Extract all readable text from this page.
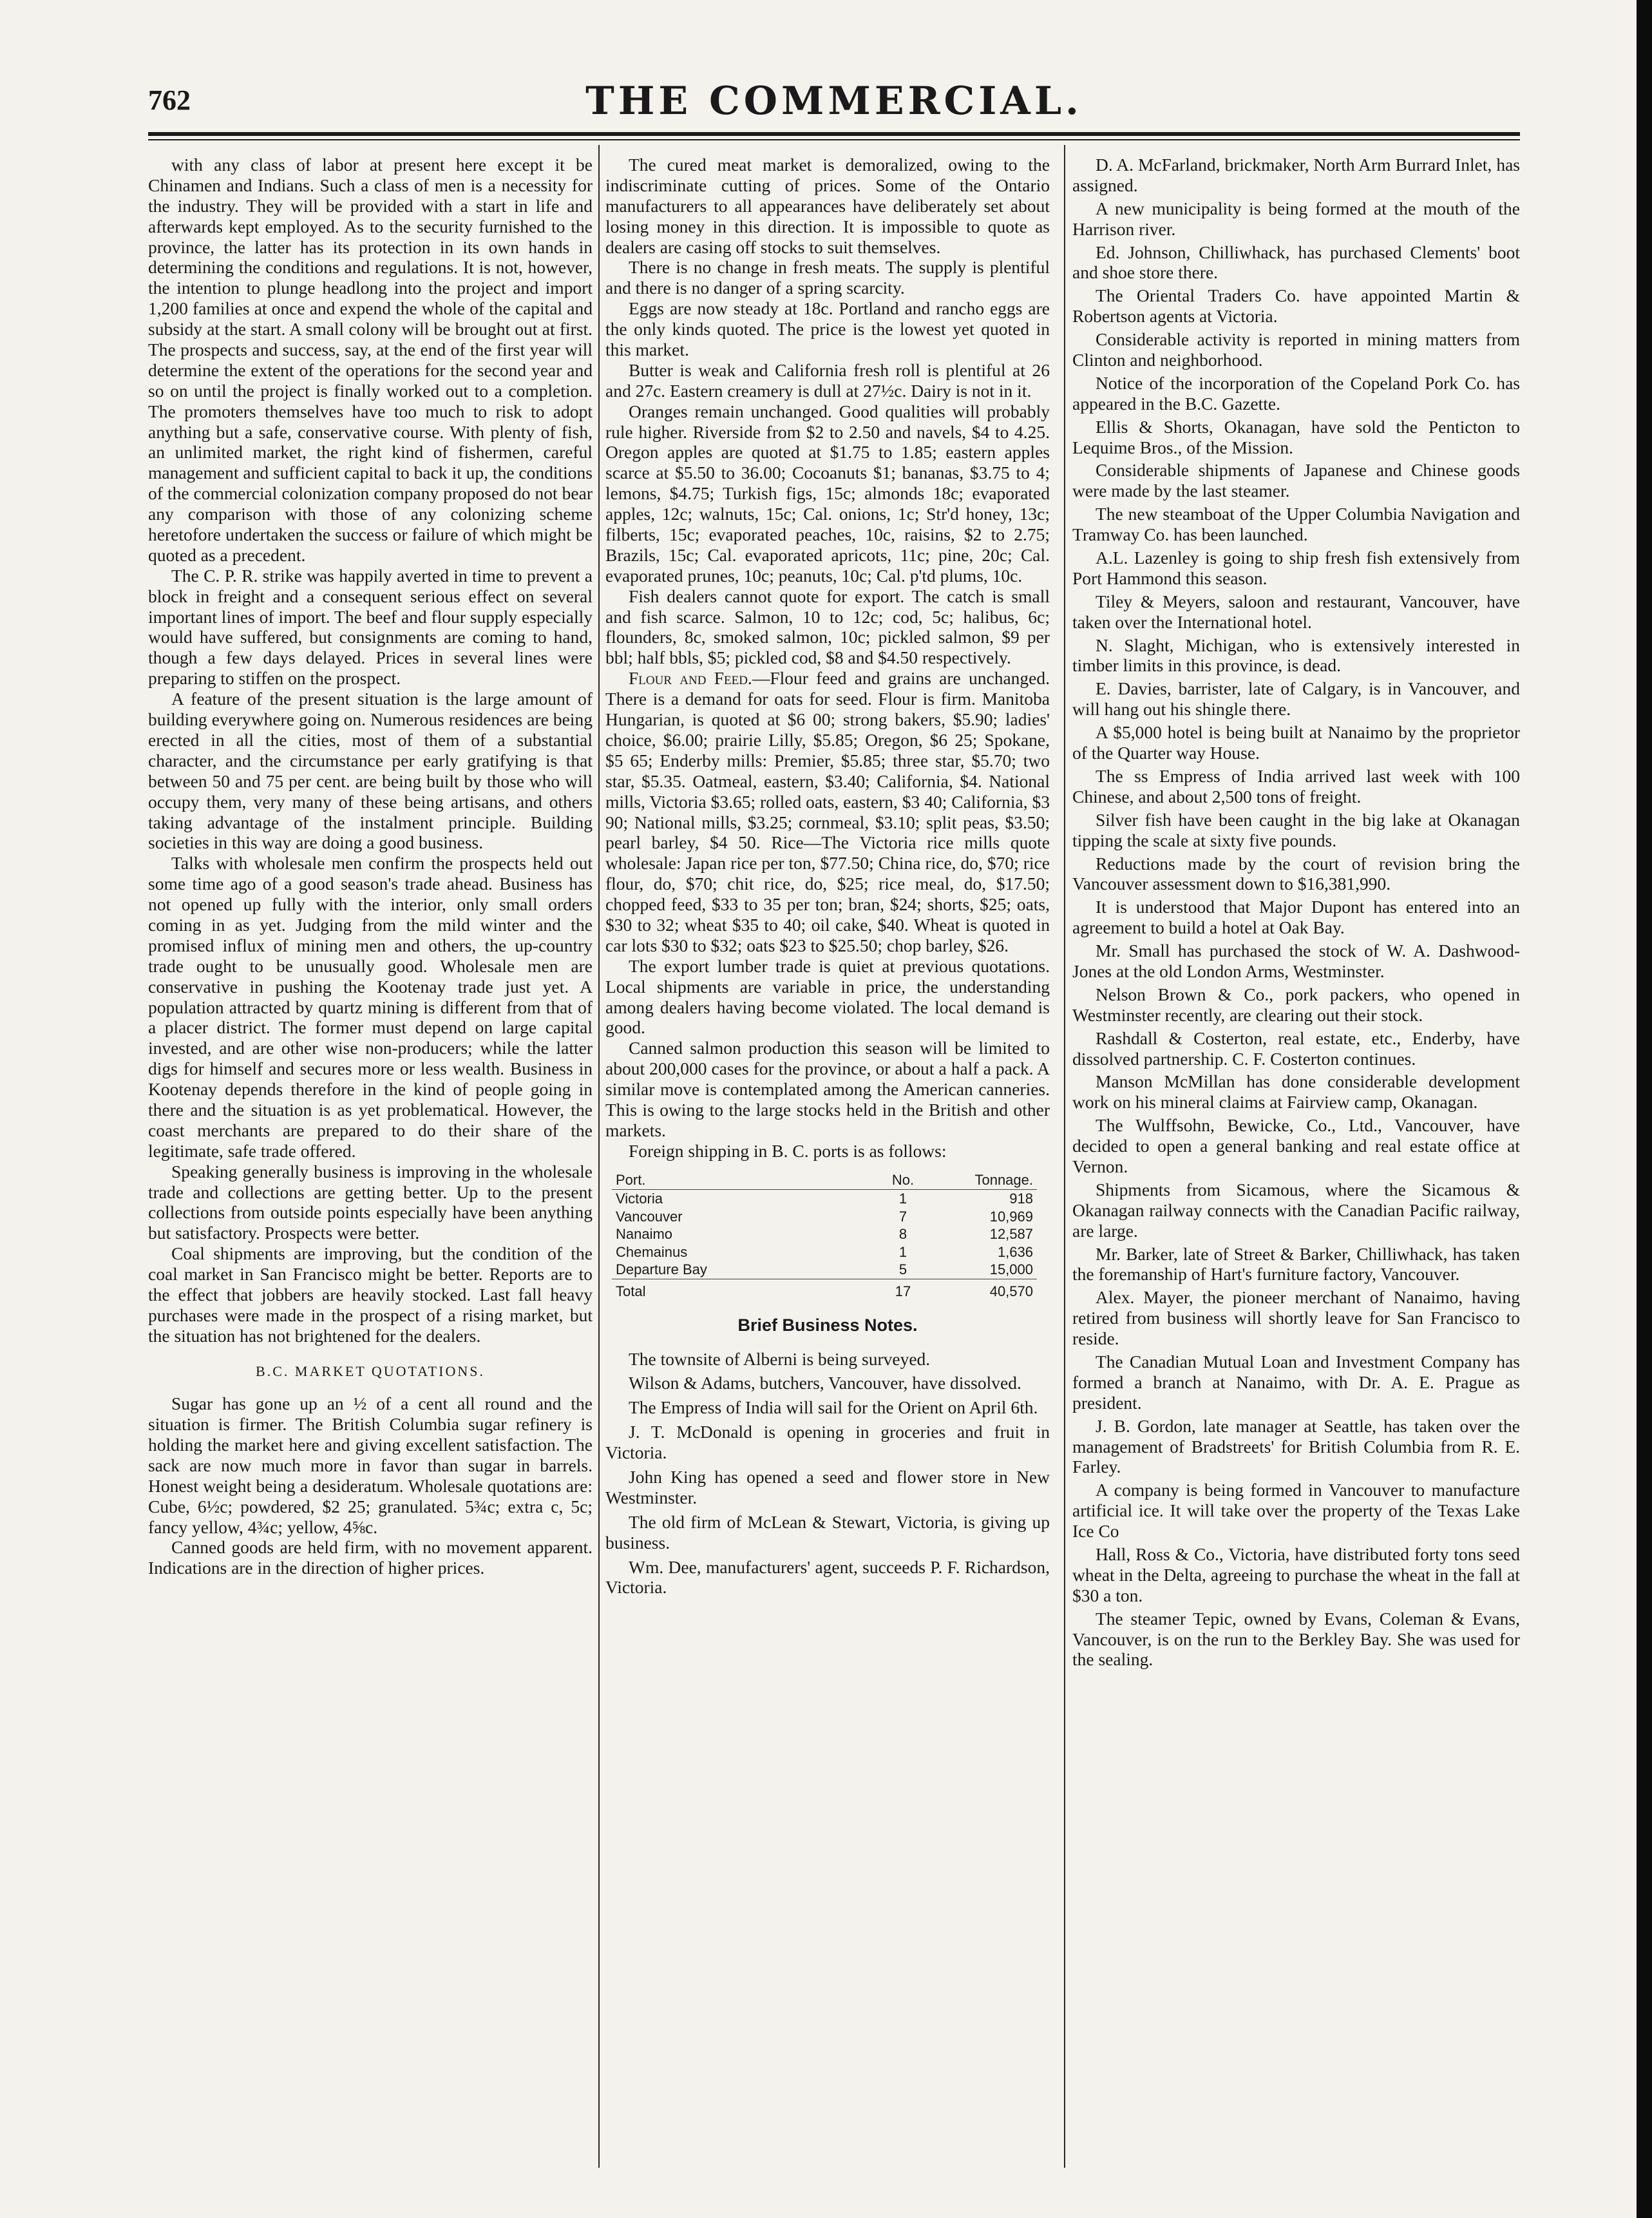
762	THE COMMERCIAL.

with any class of labor at present here except it be Chinamen and Indians. Such a class of men is a necessity for the industry. They will be provided with a start in life and afterwards kept employed. As to the security furnished to the province, the latter has its protection in its own hands in determining the conditions and regulations. It is not, however, the intention to plunge headlong into the project and import 1,200 families at once and expend the whole of the capital and subsidy at the start. A small colony will be brought out at first. The prospects and success, say, at the end of the first year will determine the extent of the operations for the second year and so on until the project is finally worked out to a completion. The promoters themselves have too much to risk to adopt anything but a safe, conservative course. With plenty of fish, an unlimited market, the right kind of fishermen, careful management and sufficient capital to back it up, the conditions of the commercial colonization company proposed do not bear any comparison with those of any colonizing scheme heretofore undertaken the success or failure of which might be quoted as a precedent.

The C. P. R. strike was happily averted in time to prevent a block in freight and a consequent serious effect on several important lines of import. The beef and flour supply especially would have suffered, but consignments are coming to hand, though a few days delayed. Prices in several lines were preparing to stiffen on the prospect.

A feature of the present situation is the large amount of building everywhere going on. Numerous residences are being erected in all the cities, most of them of a substantial character, and the circumstance per early gratifying is that between 50 and 75 per cent. are being built by those who will occupy them, very many of these being artisans, and others taking advantage of the instalment principle. Building societies in this way are doing a good business.

Talks with wholesale men confirm the prospects held out some time ago of a good season's trade ahead. Business has not opened up fully with the interior, only small orders coming in as yet. Judging from the mild winter and the promised influx of mining men and others, the up-country trade ought to be unusually good. Wholesale men are conservative in pushing the Kootenay trade just yet. A population attracted by quartz mining is different from that of a placer district. The former must depend on large capital invested, and are other wise non-producers; while the latter digs for himself and secures more or less wealth. Business in Kootenay depends therefore in the kind of people going in there and the situation is as yet problematical. However, the coast merchants are prepared to do their share of the legitimate, safe trade offered.

Speaking generally business is improving in the wholesale trade and collections are getting better. Up to the present collections from outside points especially have been anything but satisfactory. Prospects were better.

Coal shipments are improving, but the condition of the coal market in San Francisco might be better. Reports are to the effect that jobbers are heavily stocked. Last fall heavy purchases were made in the prospect of a rising market, but the situation has not brightened for the dealers.

B.C. MARKET QUOTATIONS.

Sugar has gone up an ½ of a cent all round and the situation is firmer. The British Columbia sugar refinery is holding the market here and giving excellent satisfaction. The sack are now much more in favor than sugar in barrels. Honest weight being a desideratum. Wholesale quotations are: Cube, 6½c; powdered, $2 25; granulated. 5¾c; extra c, 5c; fancy yellow, 4¾c; yellow, 4⅝c.

Canned goods are held firm, with no movement apparent. Indications are in the direction of higher prices.

The cured meat market is demoralized, owing to the indiscriminate cutting of prices. Some of the Ontario manufacturers to all appearances have deliberately set about losing money in this direction. It is impossible to quote as dealers are casing off stocks to suit themselves.

There is no change in fresh meats. The supply is plentiful and there is no danger of a spring scarcity.

Eggs are now steady at 18c. Portland and rancho eggs are the only kinds quoted. The price is the lowest yet quoted in this market.

Butter is weak and California fresh roll is plentiful at 26 and 27c. Eastern creamery is dull at 27½c. Dairy is not in it.

Oranges remain unchanged. Good qualities will probably rule higher. Riverside from $2 to 2.50 and navels, $4 to 4.25. Oregon apples are quoted at $1.75 to 1.85; eastern apples scarce at $5.50 to 36.00; Cocoanuts $1; bananas, $3.75 to 4; lemons, $4.75; Turkish figs, 15c; almonds 18c; evaporated apples, 12c; walnuts, 15c; Cal. onions, 1c; Str'd honey, 13c; filberts, 15c; evaporated peaches, 10c, raisins, $2 to 2.75; Brazils, 15c; Cal. evaporated apricots, 11c; pine, 20c; Cal. evaporated prunes, 10c; peanuts, 10c; Cal. p'td plums, 10c.

Fish dealers cannot quote for export. The catch is small and fish scarce. Salmon, 10 to 12c; cod, 5c; halibus, 6c; flounders, 8c, smoked salmon, 10c; pickled salmon, $9 per bbl; half bbls, $5; pickled cod, $8 and $4.50 respectively.

Flour and Feed.—Flour feed and grains are unchanged. There is a demand for oats for seed. Flour is firm. Manitoba Hungarian, is quoted at $6 00; strong bakers, $5.90; ladies' choice, $6.00; prairie Lilly, $5.85; Oregon, $6 25; Spokane, $5 65; Enderby mills: Premier, $5.85; three star, $5.70; two star, $5.35. Oatmeal, eastern, $3.40; California, $4. National mills, Victoria $3.65; rolled oats, eastern, $3 40; California, $3 90; National mills, $3.25; cornmeal, $3.10; split peas, $3.50; pearl barley, $4 50. Rice—The Victoria rice mills quote wholesale: Japan rice per ton, $77.50; China rice, do, $70; rice flour, do, $70; chit rice, do, $25; rice meal, do, $17.50; chopped feed, $33 to 35 per ton; bran, $24; shorts, $25; oats, $30 to 32; wheat $35 to 40; oil cake, $40. Wheat is quoted in car lots $30 to $32; oats $23 to $25.50; chop barley, $26.

The export lumber trade is quiet at previous quotations. Local shipments are variable in price, the understanding among dealers having become violated. The local demand is good.

Canned salmon production this season will be limited to about 200,000 cases for the province, or about a half a pack. A similar move is contemplated among the American canneries. This is owing to the large stocks held in the British and other markets.

Foreign shipping in B. C. ports is as follows:

Port.	No.	Tonnage.
Victoria	1	918
Vancouver	7	10,969
Nanaimo	8	12,587
Chemainus	1	1,636
Departure Bay	5	15,000
Total	17	40,570

Brief Business Notes.

The townsite of Alberni is being surveyed.

Wilson & Adams, butchers, Vancouver, have dissolved.

The Empress of India will sail for the Orient on April 6th.

J. T. McDonald is opening in groceries and fruit in Victoria.

John King has opened a seed and flower store in New Westminster.

The old firm of McLean & Stewart, Victoria, is giving up business.

Wm. Dee, manufacturers' agent, succeeds P. F. Richardson, Victoria.

D. A. McFarland, brickmaker, North Arm Burrard Inlet, has assigned.

A new municipality is being formed at the mouth of the Harrison river.

Ed. Johnson, Chilliwhack, has purchased Clements' boot and shoe store there.

The Oriental Traders Co. have appointed Martin & Robertson agents at Victoria.

Considerable activity is reported in mining matters from Clinton and neighborhood.

Notice of the incorporation of the Copeland Pork Co. has appeared in the B.C. Gazette.

Ellis & Shorts, Okanagan, have sold the Penticton to Lequime Bros., of the Mission.

Considerable shipments of Japanese and Chinese goods were made by the last steamer.

The new steamboat of the Upper Columbia Navigation and Tramway Co. has been launched.

A.L. Lazenley is going to ship fresh fish extensively from Port Hammond this season.

Tiley & Meyers, saloon and restaurant, Vancouver, have taken over the International hotel.

N. Slaght, Michigan, who is extensively interested in timber limits in this province, is dead.

E. Davies, barrister, late of Calgary, is in Vancouver, and will hang out his shingle there.

A $5,000 hotel is being built at Nanaimo by the proprietor of the Quarter way House.

The ss Empress of India arrived last week with 100 Chinese, and about 2,500 tons of freight.

Silver fish have been caught in the big lake at Okanagan tipping the scale at sixty five pounds.

Reductions made by the court of revision bring the Vancouver assessment down to $16,381,990.

It is understood that Major Dupont has entered into an agreement to build a hotel at Oak Bay.

Mr. Small has purchased the stock of W. A. Dashwood-Jones at the old London Arms, Westminster.

Nelson Brown & Co., pork packers, who opened in Westminster recently, are clearing out their stock.

Rashdall & Costerton, real estate, etc., Enderby, have dissolved partnership. C. F. Costerton continues.

Manson McMillan has done considerable development work on his mineral claims at Fairview camp, Okanagan.

The Wulffsohn, Bewicke, Co., Ltd., Vancouver, have decided to open a general banking and real estate office at Vernon.

Shipments from Sicamous, where the Sicamous & Okanagan railway connects with the Canadian Pacific railway, are large.

Mr. Barker, late of Street & Barker, Chilliwhack, has taken the foremanship of Hart's furniture factory, Vancouver.

Alex. Mayer, the pioneer merchant of Nanaimo, having retired from business will shortly leave for San Francisco to reside.

The Canadian Mutual Loan and Investment Company has formed a branch at Nanaimo, with Dr. A. E. Prague as president.

J. B. Gordon, late manager at Seattle, has taken over the management of Bradstreets' for British Columbia from R. E. Farley.

A company is being formed in Vancouver to manufacture artificial ice. It will take over the property of the Texas Lake Ice Co

Hall, Ross & Co., Victoria, have distributed forty tons seed wheat in the Delta, agreeing to purchase the wheat in the fall at $30 a ton.

The steamer Tepic, owned by Evans, Coleman & Evans, Vancouver, is on the run to the Berkley Bay. She was used for the sealing.
